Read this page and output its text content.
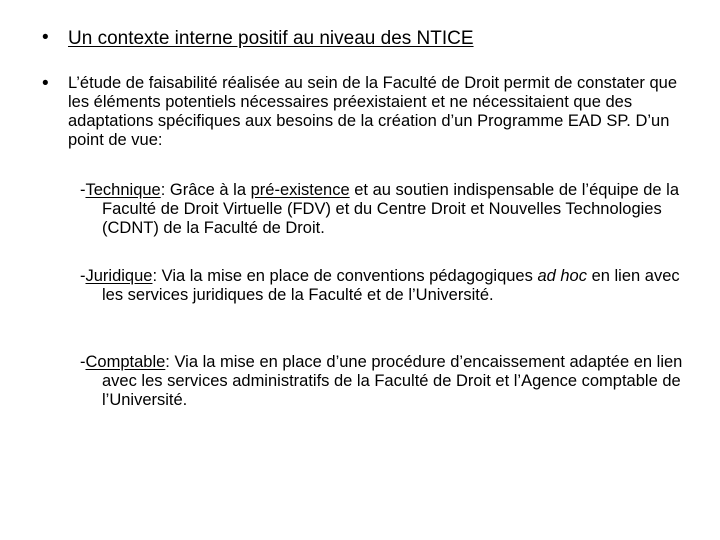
•	Un contexte interne positif au niveau des NTICE
•	L’étude de faisabilité réalisée au sein de la Faculté de Droit permit de constater que les éléments potentiels nécessaires préexistaient et ne nécessitaient que des adaptations spécifiques aux besoins de la création d’un Programme EAD SP. D’un point de vue:
-Technique: Grâce à la pré-existence et au soutien indispensable de l’équipe de la Faculté de Droit Virtuelle (FDV) et du Centre Droit et Nouvelles Technologies (CDNT) de la Faculté de Droit.
-Juridique: Via la mise en place de conventions pédagogiques ad hoc en lien avec les services juridiques de la Faculté et de l’Université.
-Comptable: Via la mise en place d’une procédure d’encaissement adaptée en lien avec les services administratifs de la Faculté de Droit et l’Agence comptable de l’Université.
